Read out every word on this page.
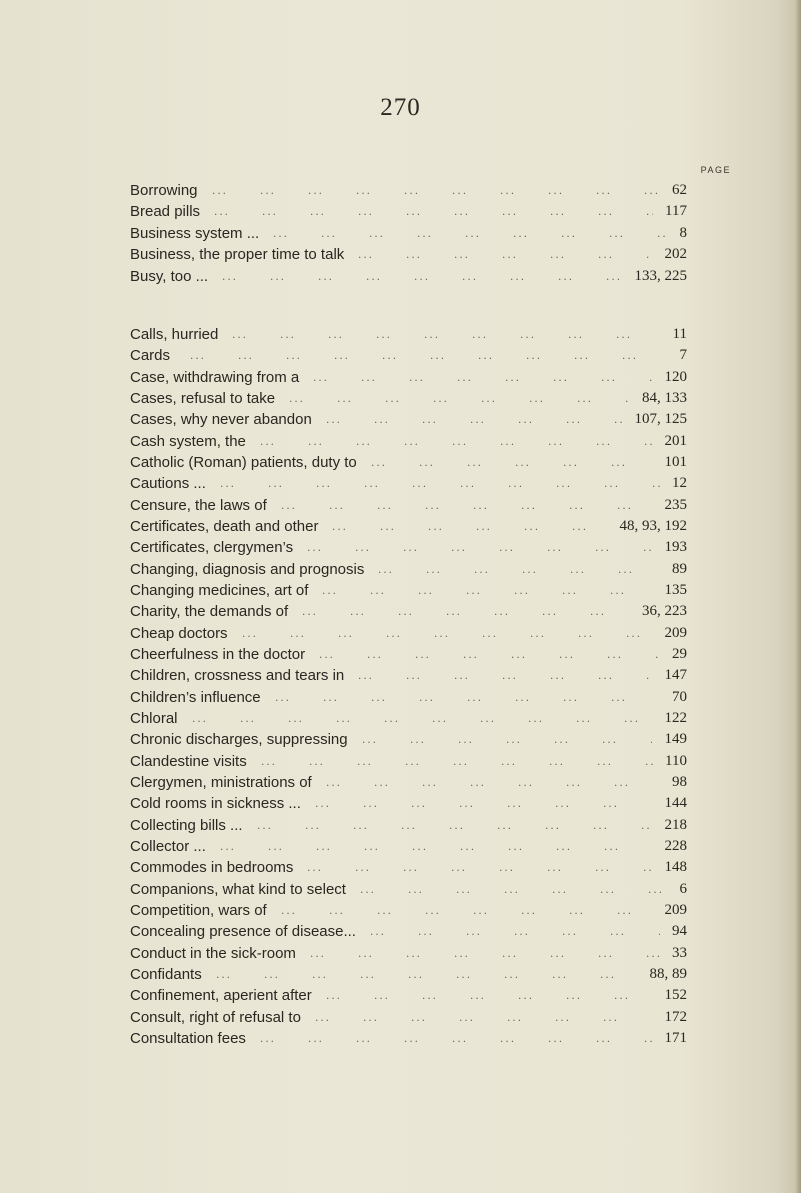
270
PAGE
...
Borrowing	62
...
Bread pills	117
...
Business system ...	8
...
Business, the proper time to talk	202
...
Busy, too ...	133, 225
...
Calls, hurried	11
...
Cards	7
...
Case, withdrawing from a	120
...
Cases, refusal to take	84, 133
...
Cases, why never abandon	107, 125
...
Cash system, the	201
...
Catholic (Roman) patients, duty to	101
...
Cautions ...	12
...
Censure, the laws of	235
...
Certificates, death and other	48, 93, 192
...
Certificates, clergymen’s	193
...
Changing, diagnosis and prognosis	89
...
Changing medicines, art of	135
...
Charity, the demands of	36, 223
...
Cheap doctors	209
...
Cheerfulness in the doctor	29
...
Children, crossness and tears in	147
...
Children’s influence	70
...
Chloral	122
...
Chronic discharges, suppressing	149
...
Clandestine visits	110
...
Clergymen, ministrations of	98
...
Cold rooms in sickness ...	144
...
Collecting bills ...	218
...
Collector ...	228
...
Commodes in bedrooms	148
...
Companions, what kind to select	6
...
Competition, wars of	209
...
Concealing presence of disease...	94
...
Conduct in the sick-room	33
...
Confidants	88, 89
...
Confinement, aperient after	152
...
Consult, right of refusal to	172
...
Consultation fees	171
